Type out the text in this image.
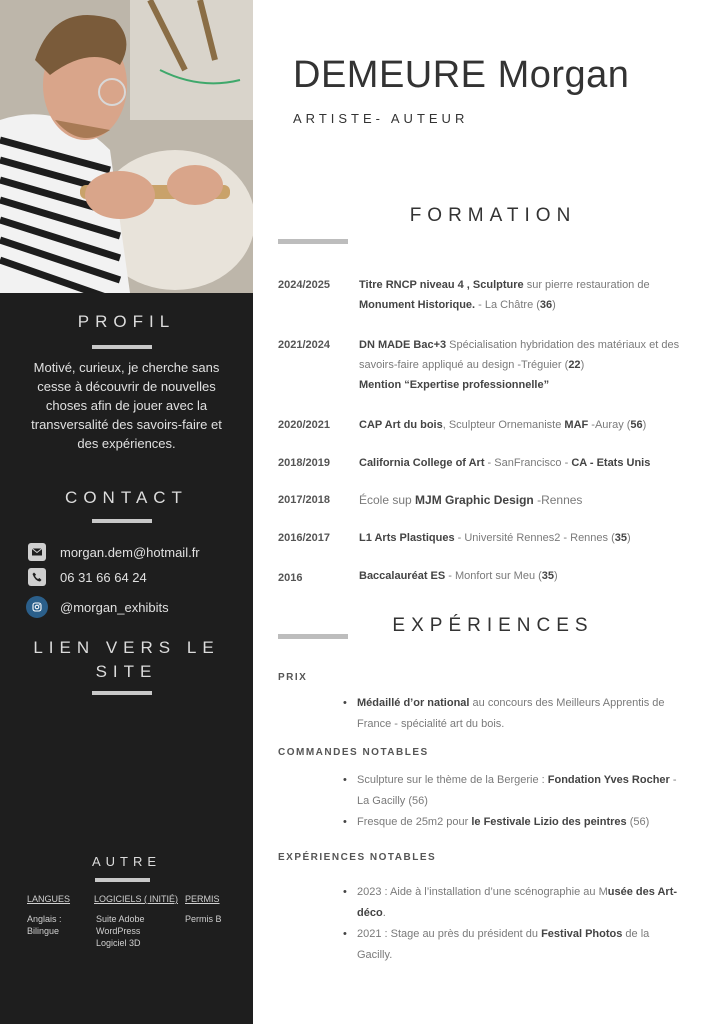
PROFIL
Motivé, curieux, je cherche sans cesse à découvrir de nouvelles choses afin de jouer avec la transversalité des savoirs-faire et des expériences.
CONTACT
morgan.dem@hotmail.fr
06 31 66 64 24
@morgan_exhibits
LIEN VERS LE SITE
AUTRE
LANGUES
Anglais :
Bilingue
LOGICIELS ( INITIÉ)
Suite Adobe
WordPress
Logiciel 3D
PERMIS
Permis B
DEMEURE Morgan
ARTISTE- AUTEUR
FORMATION
2024/2025	Titre RNCP niveau 4 , Sculpture sur pierre restauration de Monument Historique. - La Châtre (36)
2021/2024	DN MADE Bac+3 Spécialisation hybridation des matériaux et des savoirs-faire appliqué au design -Tréguier (22)
Mention “Expertise professionnelle”
2020/2021	CAP Art du bois, Sculpteur Ornemaniste MAF -Auray (56)
2018/2019	California College of Art - SanFrancisco - CA - Etats Unis
2017/2018 École sup MJM Graphic Design -Rennes
2016/2017	L1 Arts Plastiques - Université Rennes2 - Rennes (35)
2016	Baccalauréat ES - Monfort sur Meu (35)
EXPÉRIENCES
PRIX
• Médaillé d’or national au concours des Meilleurs Apprentis de France - spécialité art du bois.
COMMANDES NOTABLES
• Sculpture sur le thème de la Bergerie : Fondation Yves Rocher - La Gacilly (56)
• Fresque de 25m2 pour le Festivale Lizio des peintres (56)
EXPÉRIENCES NOTABLES
• 2023 : Aide à l’installation d’une scénographie au Musée des Art-déco.
• 2021 : Stage au près du président du Festival Photos de la Gacilly.
